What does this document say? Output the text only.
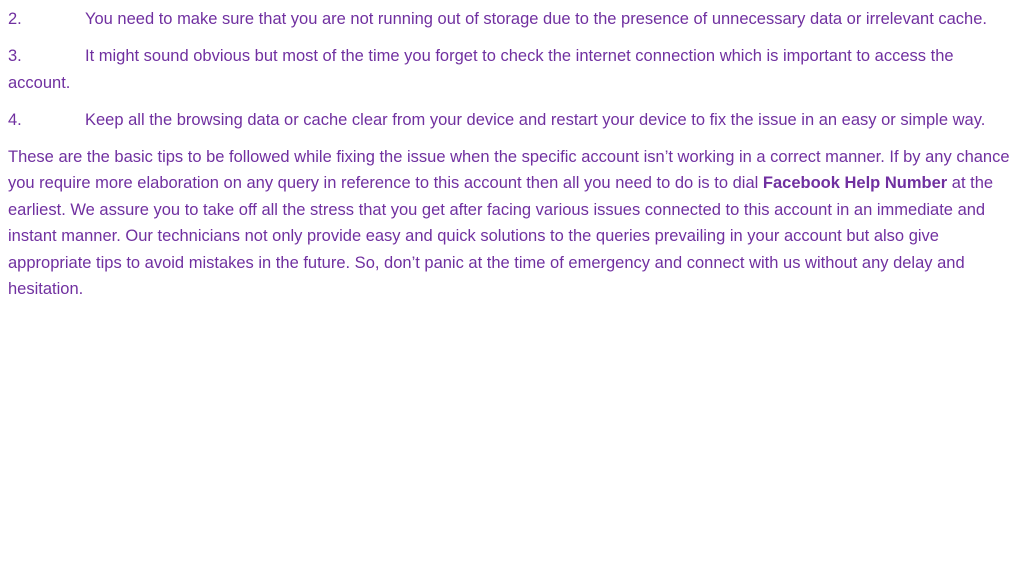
2.	You need to make sure that you are not running out of storage due to the presence of unnecessary data or irrelevant cache.
3.	It might sound obvious but most of the time you forget to check the internet connection which is important to access the account.
4.	Keep all the browsing data or cache clear from your device and restart your device to fix the issue in an easy or simple way.

These are the basic tips to be followed while fixing the issue when the specific account isn’t working in a correct manner. If by any chance you require more elaboration on any query in reference to this account then all you need to do is to dial Facebook Help Number at the earliest. We assure you to take off all the stress that you get after facing various issues connected to this account in an immediate and instant manner. Our technicians not only provide easy and quick solutions to the queries prevailing in your account but also give appropriate tips to avoid mistakes in the future. So, don’t panic at the time of emergency and connect with us without any delay and hesitation.
